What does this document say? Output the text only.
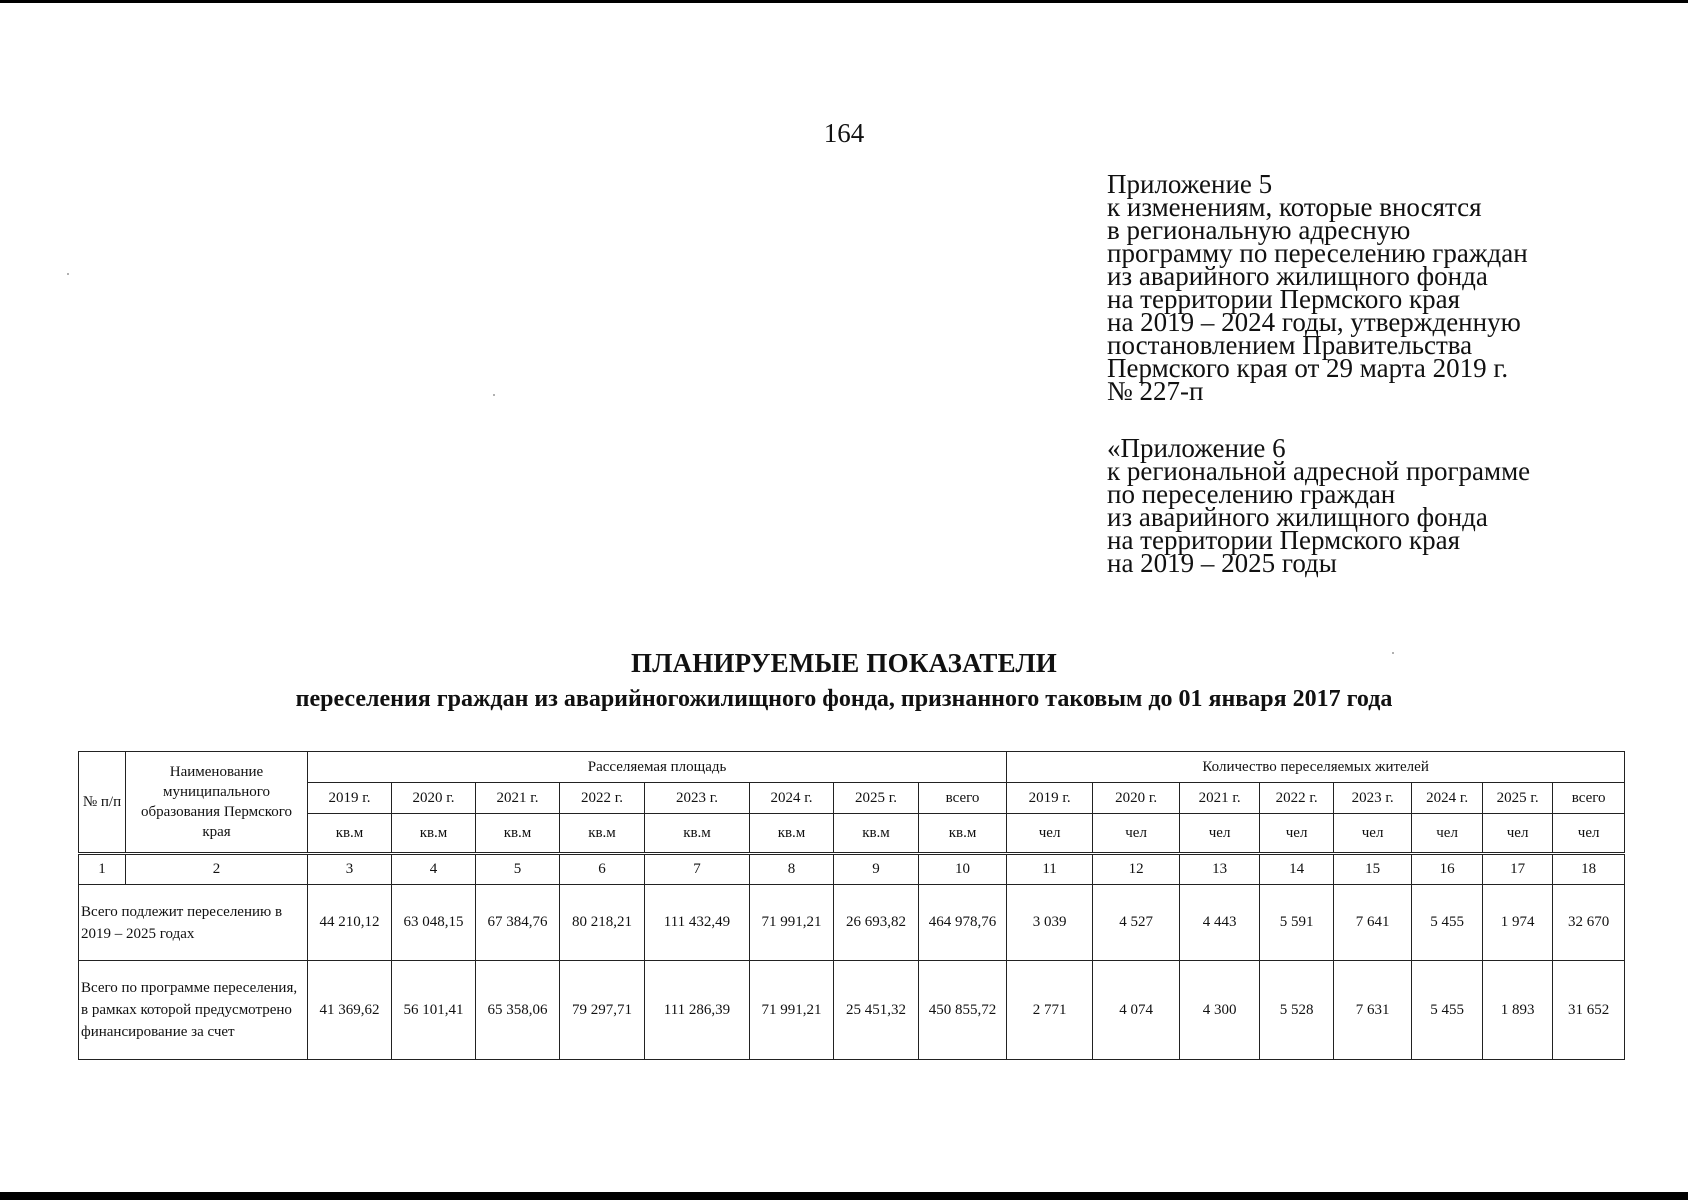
164
Приложение 5
к изменениям, которые вносятся
в региональную адресную
программу по переселению граждан
из аварийного жилищного фонда
на территории Пермского края
на 2019 – 2024 годы, утвержденную
постановлением Правительства
Пермского края от 29 марта 2019 г.
№ 227-п
«Приложение 6
к региональной адресной программе
по переселению граждан
из аварийного жилищного фонда
на территории Пермского края
на 2019 – 2025 годы
ПЛАНИРУЕМЫЕ ПОКАЗАТЕЛИ
переселения граждан из аварийногожилищного фонда, признанного таковым до 01 января 2017 года
№ п/п	Наименование муниципального образования Пермского края	Расселяемая площадь								Количество переселяемых жителей							
		2019 г.	2020 г.	2021 г.	2022 г.	2023 г.	2024 г.	2025 г.	всего	2019 г.	2020 г.	2021 г.	2022 г.	2023 г.	2024 г.	2025 г.	всего
		кв.м	кв.м	кв.м	кв.м	кв.м	кв.м	кв.м	кв.м	чел	чел	чел	чел	чел	чел	чел	чел
1	2	3	4	5	6	7	8	9	10	11	12	13	14	15	16	17	18
Всего подлежит переселению в 2019 – 2025 годах		44 210,12	63 048,15	67 384,76	80 218,21	111 432,49	71 991,21	26 693,82	464 978,76	3 039	4 527	4 443	5 591	7 641	5 455	1 974	32 670
Всего по программе переселения, в рамках которой предусмотрено финансирование за счет		41 369,62	56 101,41	65 358,06	79 297,71	111 286,39	71 991,21	25 451,32	450 855,72	2 771	4 074	4 300	5 528	7 631	5 455	1 893	31 652
